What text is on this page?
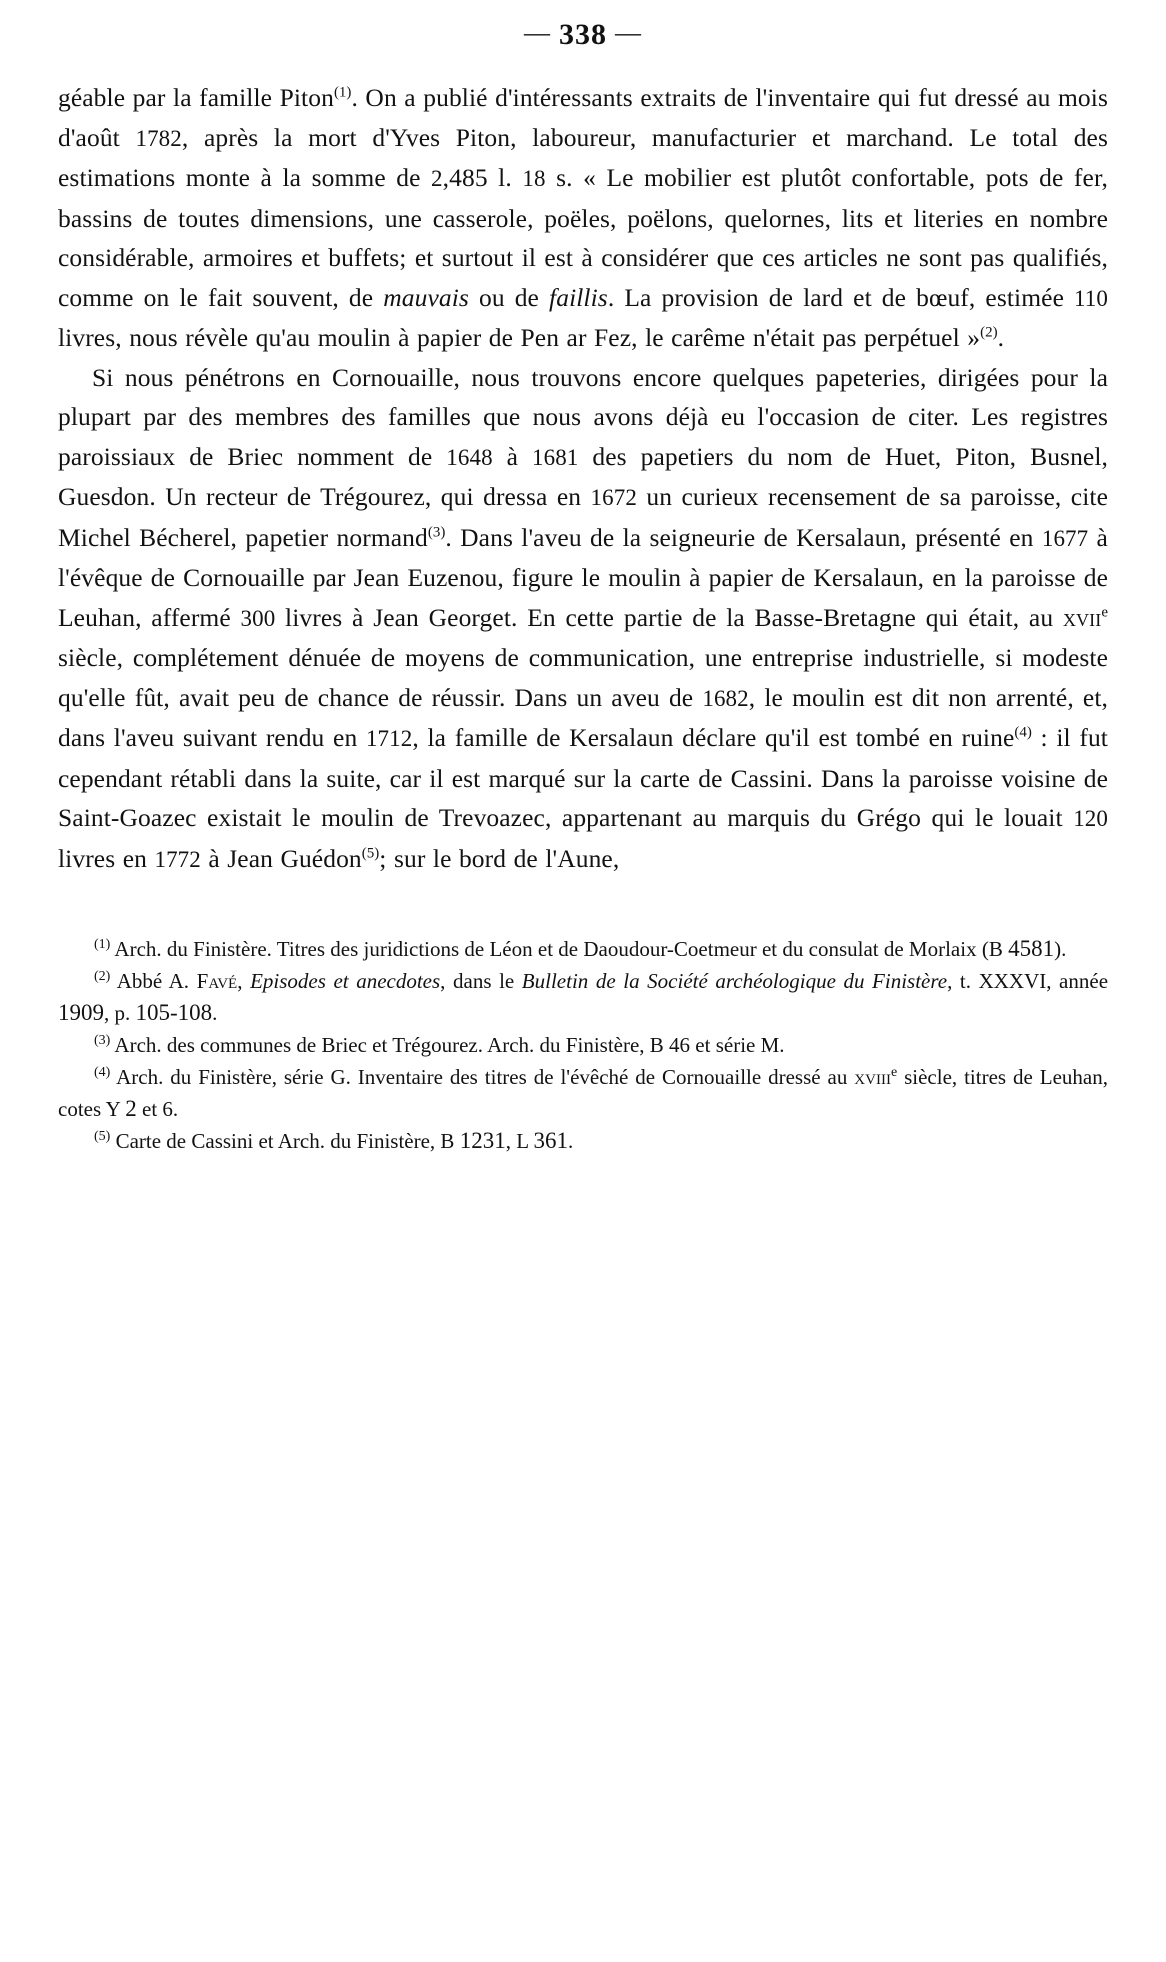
— 338 —

géable par la famille Piton$^{(1)}$. On a publié d'intéressants extraits de l'inventaire qui fut dressé au mois d'août 1782, après la mort d'Yves Piton, laboureur, manufacturier et marchand. Le total des estimations monte à la somme de 2,485 l. 18 s. « Le mobilier est plutôt confortable, pots de fer, bassins de toutes dimensions, une casserole, poëles, poëlons, quelornes, lits et literies en nombre considérable, armoires et buffets; et surtout il est à considérer que ces articles ne sont pas qualifiés, comme on le fait souvent, de mauvais ou de faillis. La provision de lard et de bœuf, estimée 110 livres, nous révèle qu'au moulin à papier de Pen ar Fez, le carême n'était pas perpétuel »$^{(2)}$.

Si nous pénétrons en Cornouaille, nous trouvons encore quelques papeteries, dirigées pour la plupart par des membres des familles que nous avons déjà eu l'occasion de citer. Les registres paroissiaux de Briec nomment de 1648 à 1681 des papetiers du nom de Huet, Piton, Busnel, Guesdon. Un recteur de Trégourez, qui dressa en 1672 un curieux recensement de sa paroisse, cite Michel Bécherel, papetier normand$^{(3)}$. Dans l'aveu de la seigneurie de Kersalaun, présenté en 1677 à l'évêque de Cornouaille par Jean Euzenou, figure le moulin à papier de Kersalaun, en la paroisse de Leuhan, affermé 300 livres à Jean Georget. En cette partie de la Basse-Bretagne qui était, au xvii$^e$ siècle, complétement dénuée de moyens de communication, une entreprise industrielle, si modeste qu'elle fût, avait peu de chance de réussir. Dans un aveu de 1682, le moulin est dit non arrenté, et, dans l'aveu suivant rendu en 1712, la famille de Kersalaun déclare qu'il est tombé en ruine$^{(4)}$ : il fut cependant rétabli dans la suite, car il est marqué sur la carte de Cassini. Dans la paroisse voisine de Saint-Goazec existait le moulin de Trevoazec, appartenant au marquis du Grégo qui le louait 120 livres en 1772 à Jean Guédon$^{(5)}$; sur le bord de l'Aune,

$^{(1)}$ Arch. du Finistère. Titres des juridictions de Léon et de Daoudour-Coetmeur et du consulat de Morlaix (B 4581).

$^{(2)}$ Abbé A. Favé, Episodes et anecdotes, dans le Bulletin de la Société archéologique du Finistère, t. XXXVI, année 1909, p. 105-108.

$^{(3)}$ Arch. des communes de Briec et Trégourez. Arch. du Finistère, B 46 et série M.

$^{(4)}$ Arch. du Finistère, série G. Inventaire des titres de l'évêché de Cornouaille dressé au xviii$^e$ siècle, titres de Leuhan, cotes Y 2 et 6.

$^{(5)}$ Carte de Cassini et Arch. du Finistère, B 1231, L 361.
